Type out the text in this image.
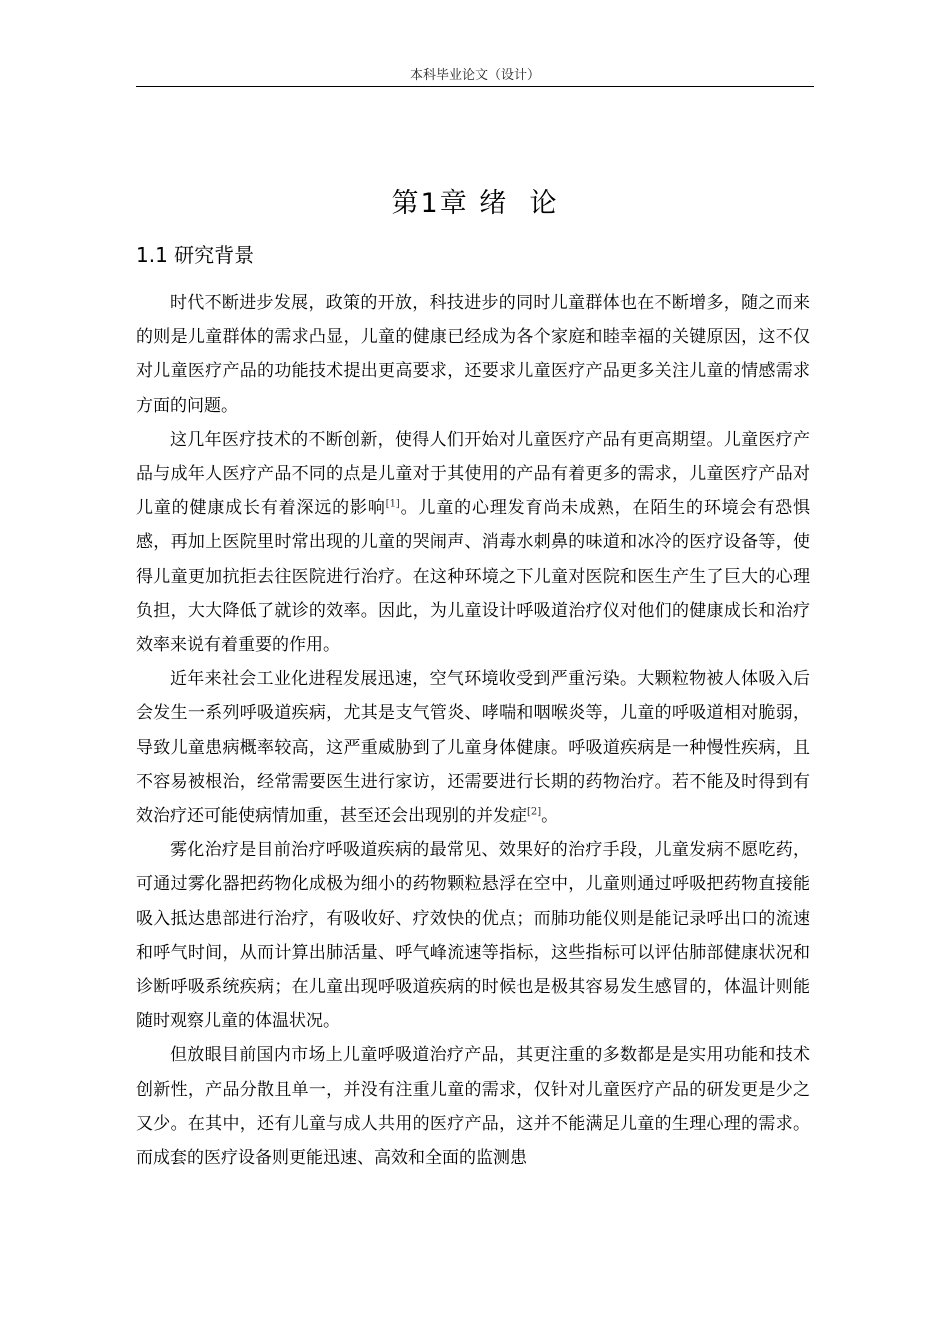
本科毕业论文（设计）
第1章 绪  论
1.1 研究背景

时代不断进步发展，政策的开放，科技进步的同时儿童群体也在不断增多，随之而来的则是儿童群体的需求凸显，儿童的健康已经成为各个家庭和睦幸福的关键原因，这不仅对儿童医疗产品的功能技术提出更高要求，还要求儿童医疗产品更多关注儿童的情感需求方面的问题。

这几年医疗技术的不断创新，使得人们开始对儿童医疗产品有更高期望。儿童医疗产品与成年人医疗产品不同的点是儿童对于其使用的产品有着更多的需求，儿童医疗产品对儿童的健康成长有着深远的影响[1]。儿童的心理发育尚未成熟，在陌生的环境会有恐惧感，再加上医院里时常出现的儿童的哭闹声、消毒水刺鼻的味道和冰冷的医疗设备等，使得儿童更加抗拒去往医院进行治疗。在这种环境之下儿童对医院和医生产生了巨大的心理负担，大大降低了就诊的效率。因此，为儿童设计呼吸道治疗仪对他们的健康成长和治疗效率来说有着重要的作用。

近年来社会工业化进程发展迅速，空气环境收受到严重污染。大颗粒物被人体吸入后会发生一系列呼吸道疾病，尤其是支气管炎、哮喘和咽喉炎等，儿童的呼吸道相对脆弱，导致儿童患病概率较高，这严重威胁到了儿童身体健康。呼吸道疾病是一种慢性疾病，且不容易被根治，经常需要医生进行家访，还需要进行长期的药物治疗。若不能及时得到有效治疗还可能使病情加重，甚至还会出现别的并发症[2]。

雾化治疗是目前治疗呼吸道疾病的最常见、效果好的治疗手段，儿童发病不愿吃药，可通过雾化器把药物化成极为细小的药物颗粒悬浮在空中，儿童则通过呼吸把药物直接能吸入抵达患部进行治疗，有吸收好、疗效快的优点；而肺功能仪则是能记录呼出口的流速和呼气时间，从而计算出肺活量、呼气峰流速等指标，这些指标可以评估肺部健康状况和诊断呼吸系统疾病；在儿童出现呼吸道疾病的时候也是极其容易发生感冒的，体温计则能随时观察儿童的体温状况。

但放眼目前国内市场上儿童呼吸道治疗产品，其更注重的多数都是是实用功能和技术创新性，产品分散且单一，并没有注重儿童的需求，仅针对儿童医疗产品的研发更是少之又少。在其中，还有儿童与成人共用的医疗产品，这并不能满足儿童的生理心理的需求。而成套的医疗设备则更能迅速、高效和全面的监测患
